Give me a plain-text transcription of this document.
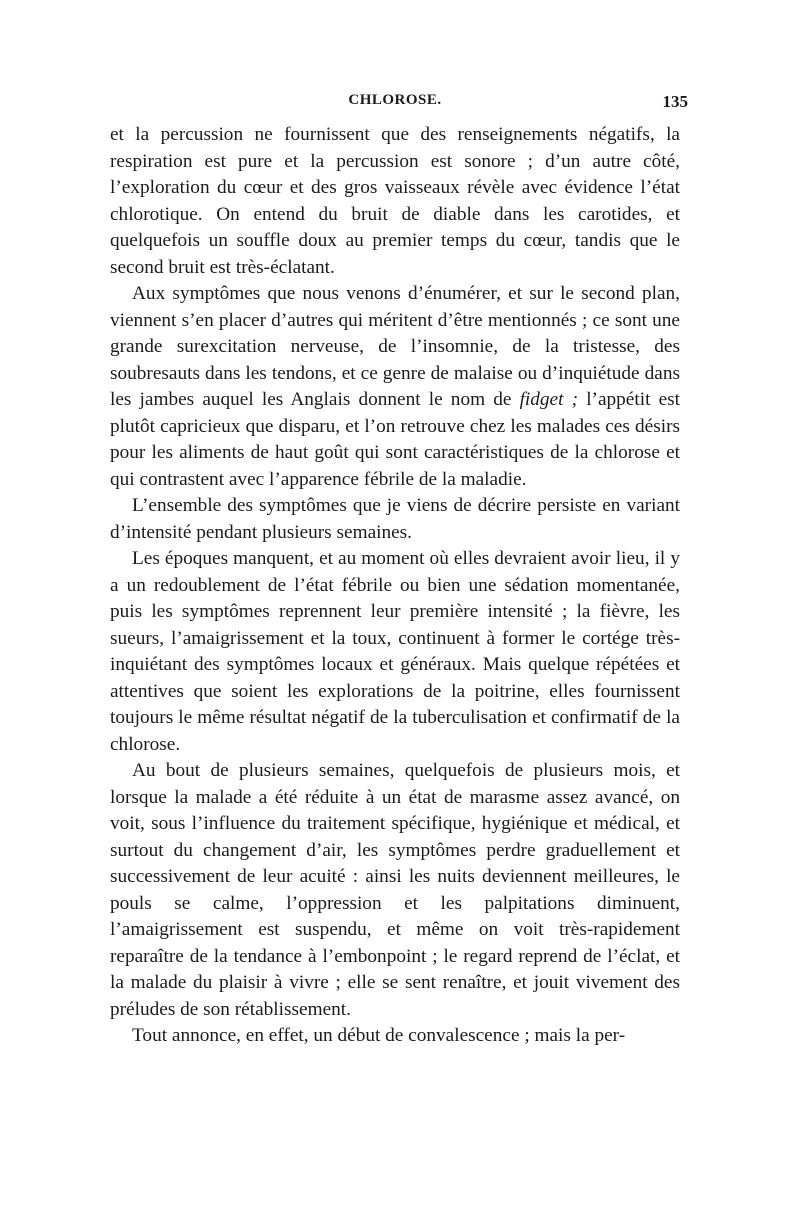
CHLOROSE.	135

et la percussion ne fournissent que des renseignements négatifs, la respiration est pure et la percussion est sonore ; d’un autre côté, l’exploration du cœur et des gros vaisseaux révèle avec évidence l’état chlorotique. On entend du bruit de diable dans les carotides, et quelquefois un souffle doux au premier temps du cœur, tandis que le second bruit est très-éclatant.

Aux symptômes que nous venons d’énumérer, et sur le second plan, viennent s’en placer d’autres qui méritent d’être mentionnés ; ce sont une grande surexcitation nerveuse, de l’insomnie, de la tristesse, des soubresauts dans les tendons, et ce genre de malaise ou d’inquiétude dans les jambes auquel les Anglais donnent le nom de fidget ; l’appétit est plutôt capricieux que disparu, et l’on retrouve chez les malades ces désirs pour les aliments de haut goût qui sont caractéristiques de la chlorose et qui contrastent avec l’apparence fébrile de la maladie.

L’ensemble des symptômes que je viens de décrire persiste en variant d’intensité pendant plusieurs semaines.

Les époques manquent, et au moment où elles devraient avoir lieu, il y a un redoublement de l’état fébrile ou bien une sédation momentanée, puis les symptômes reprennent leur première intensité ; la fièvre, les sueurs, l’amaigrissement et la toux, continuent à former le cortége très-inquiétant des symptômes locaux et généraux. Mais quelque répétées et attentives que soient les explorations de la poitrine, elles fournissent toujours le même résultat négatif de la tuberculisation et confirmatif de la chlorose.

Au bout de plusieurs semaines, quelquefois de plusieurs mois, et lorsque la malade a été réduite à un état de marasme assez avancé, on voit, sous l’influence du traitement spécifique, hygiénique et médical, et surtout du changement d’air, les symptômes perdre graduellement et successivement de leur acuité : ainsi les nuits deviennent meilleures, le pouls se calme, l’oppression et les palpitations diminuent, l’amaigrissement est suspendu, et même on voit très-rapidement reparaître de la tendance à l’embonpoint ; le regard reprend de l’éclat, et la malade du plaisir à vivre ; elle se sent renaître, et jouit vivement des préludes de son rétablissement.

Tout annonce, en effet, un début de convalescence ; mais la per-
